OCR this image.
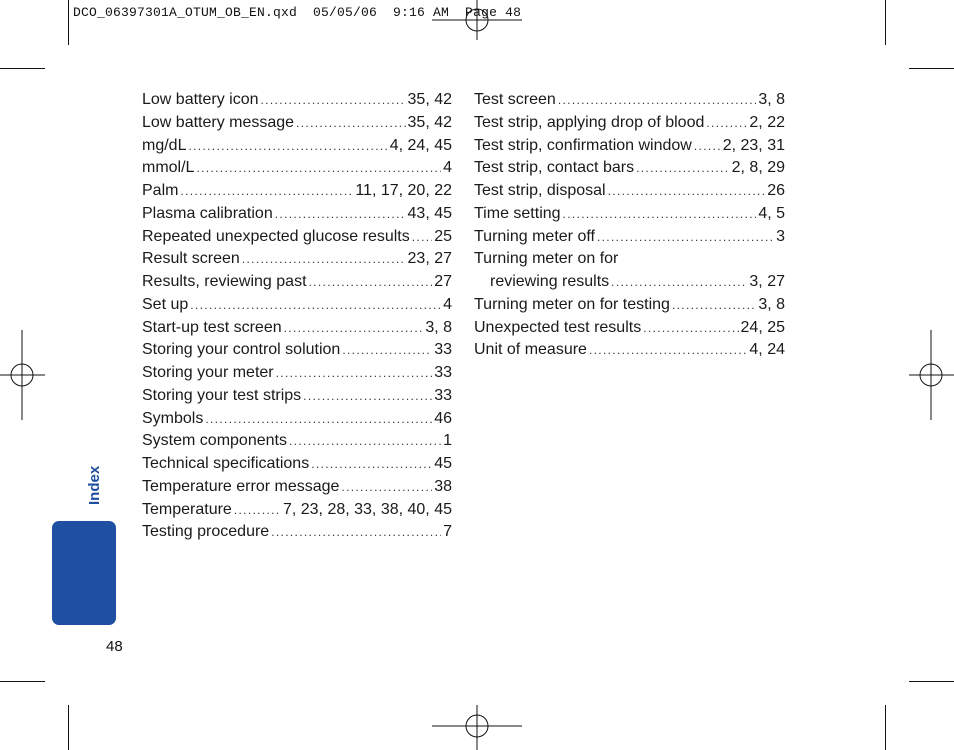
DCO_06397301A_OTUM_OB_EN.qxd  05/05/06  9:16 AM  Page 48
Low battery icon . . .	35, 42
Low battery message . . .	35, 42
mg/dL . . .	4, 24, 45
mmol/L . . .	4
Palm . . .	11, 17, 20, 22
Plasma calibration . . .	43, 45
Repeated unexpected glucose results . . . 25
Result screen . . .	23, 27
Results, reviewing past . . .	27
Set up . . .	4
Start-up test screen . . .	3, 8
Storing your control solution . . .	33
Storing your meter . . .	33
Storing your test strips . . .	33
Symbols . . .	46
System components . . .	1
Technical specifications . . .	45
Temperature error message . . .	38
Temperature . . .	7, 23, 28, 33, 38, 40, 45
Testing procedure . . .	7
Test screen . . .	3, 8
Test strip, applying drop of blood . . .	2, 22
Test strip, confirmation window . . . 2, 23, 31
Test strip, contact bars . . .	2, 8, 29
Test strip, disposal . . .	26
Time setting . . .	4, 5
Turning meter off . . .	3
Turning meter on for
reviewing results . . .	3, 27
Turning meter on for testing . . .	3, 8
Unexpected test results . . .	24, 25
Unit of measure . . .	4, 24
Index
48
